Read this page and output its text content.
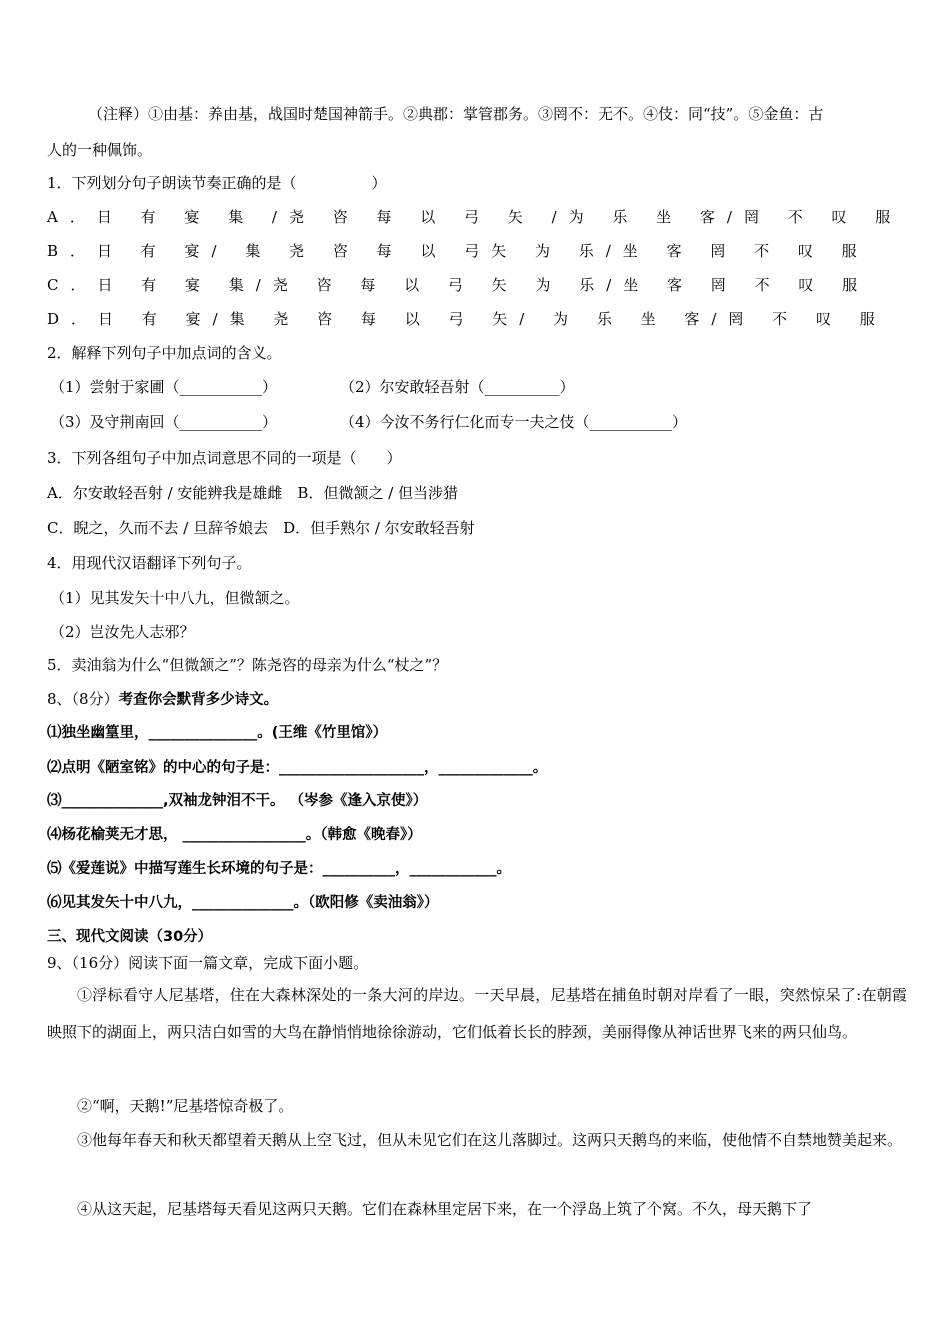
（注释）①由基：养由基，战国时楚国神箭手。②典郡：掌管郡务。③罔不：无不。④伎：同“技”。⑤金鱼：古
人的一种佩饰。
1．下列划分句子朗读节奏正确的是（　　　　　）
A．日 有 宴 集 /尧 咨 每 以 弓 矢 /为 乐 坐 客/罔 不 叹 服
B．日 有 宴/ 集 尧 咨 每 以 弓矢 为 乐/坐 客 罔 不 叹 服
C．日 有 宴 集/尧 咨 每 以 弓 矢 为 乐/坐 客 罔 不 叹 服
D．日 有 宴/集 尧 咨 每 以 弓 矢/ 为 乐 坐 客/罔 不 叹 服
2．解释下列句子中加点词的含义。
（1）尝射于家圃（___________）	（2）尔安敢轻吾射（__________）
（3）及守荆南回（___________）	（4）今汝不务行仁化而专一夫之伎（___________）
3．下列各组句子中加点词意思不同的一项是（　　）
A．尔安敢轻吾射 / 安能辨我是雄雌　B．但微颔之 / 但当涉猎
C．睨之，久而不去 / 旦辞爷娘去　D．但手熟尔 / 尔安敢轻吾射
4．用现代汉语翻译下列句子。
（1）见其发矢十中八九，但微颔之。
（2）岂汝先人志邪？
5．卖油翁为什么“但微颔之”？陈尧咨的母亲为什么“杖之”？
8、（8分）考查你会默背多少诗文。
⑴独坐幽篁里，_______________。(王维《竹里馆》）
⑵点明《陋室铭》的中心的句子是：____________________，_____________。
⑶______________,双袖龙钟泪不干。 （岑参《逢入京使》）
⑷杨花榆荚无才思， _________________。（韩愈《晚春》）
⑸《爱莲说》中描写莲生长环境的句子是：__________，____________。
⑹见其发矢十中八九，______________。（欧阳修《卖油翁》）
三、现代文阅读（30分）
9、（16分）阅读下面一篇文章，完成下面小题。
①浮标看守人尼基塔，住在大森林深处的一条大河的岸边。一天早晨，尼基塔在捕鱼时朝对岸看了一眼，突然惊呆了:在朝霞映照下的湖面上，两只洁白如雪的大鸟在静悄悄地徐徐游动，它们低着长长的脖颈，美丽得像从神话世界飞来的两只仙鸟。
②“啊，天鹅!”尼基塔惊奇极了。
③他每年春天和秋天都望着天鹅从上空飞过，但从未见它们在这儿落脚过。这两只天鹅鸟的来临，使他情不自禁地赞美起来。
④从这天起，尼基塔每天看见这两只天鹅。它们在森林里定居下来，在一个浮岛上筑了个窝。不久，母天鹅下了
